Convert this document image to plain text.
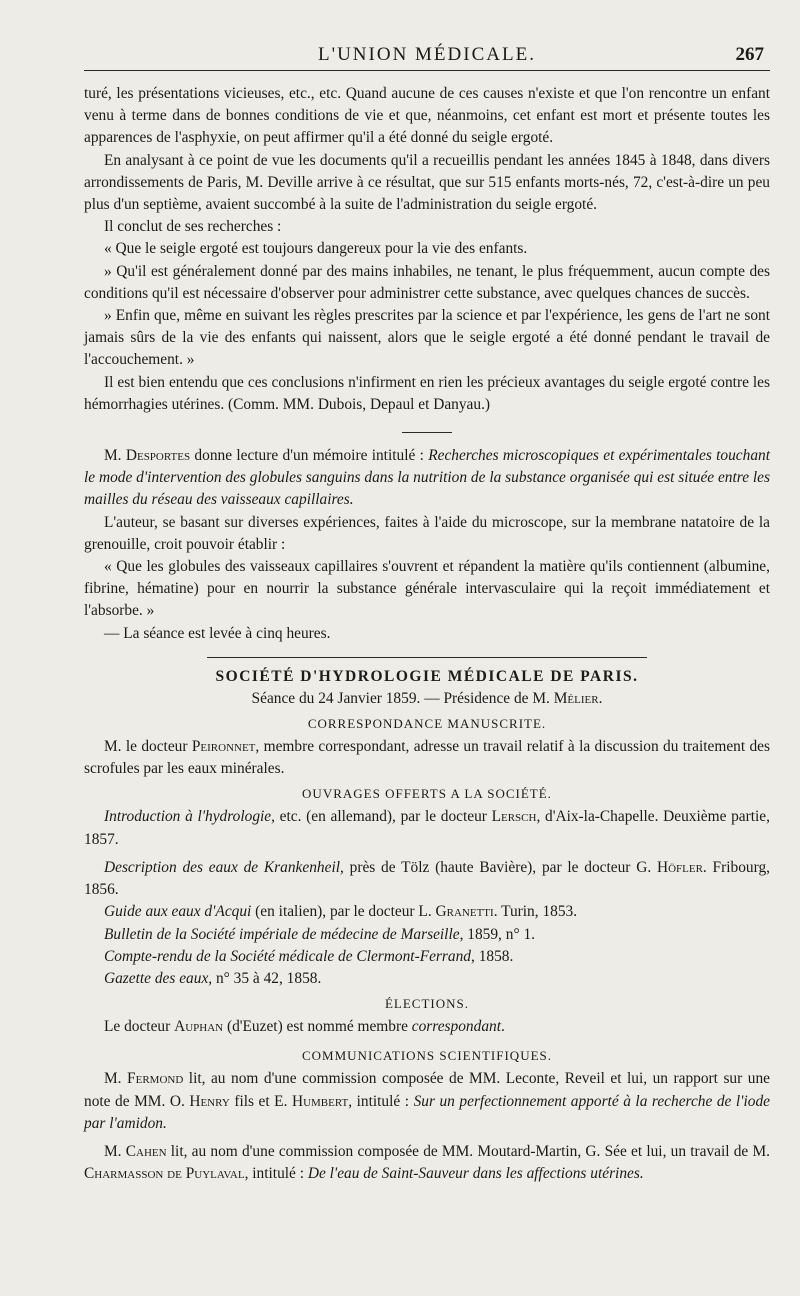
L'UNION MÉDICALE.	267

turé, les présentations vicieuses, etc., etc. Quand aucune de ces causes n'existe et que l'on rencontre un enfant venu à terme dans de bonnes conditions de vie et que, néanmoins, cet enfant est mort et présente toutes les apparences de l'asphyxie, on peut affirmer qu'il a été donné du seigle ergoté.

En analysant à ce point de vue les documents qu'il a recueillis pendant les années 1845 à 1848, dans divers arrondissements de Paris, M. Deville arrive à ce résultat, que sur 515 enfants morts-nés, 72, c'est-à-dire un peu plus d'un septième, avaient succombé à la suite de l'administration du seigle ergoté.

Il conclut de ses recherches :

« Que le seigle ergoté est toujours dangereux pour la vie des enfants.

» Qu'il est généralement donné par des mains inhabiles, ne tenant, le plus fréquemment, aucun compte des conditions qu'il est nécessaire d'observer pour administrer cette substance, avec quelques chances de succès.

» Enfin que, même en suivant les règles prescrites par la science et par l'expérience, les gens de l'art ne sont jamais sûrs de la vie des enfants qui naissent, alors que le seigle ergoté a été donné pendant le travail de l'accouchement. »

Il est bien entendu que ces conclusions n'infirment en rien les précieux avantages du seigle ergoté contre les hémorrhagies utérines. (Comm. MM. Dubois, Depaul et Danyau.)

M. Desportes donne lecture d'un mémoire intitulé : Recherches microscopiques et expérimentales touchant le mode d'intervention des globules sanguins dans la nutrition de la substance organisée qui est située entre les mailles du réseau des vaisseaux capillaires.

L'auteur, se basant sur diverses expériences, faites à l'aide du microscope, sur la membrane natatoire de la grenouille, croit pouvoir établir :

« Que les globules des vaisseaux capillaires s'ouvrent et répandent la matière qu'ils contiennent (albumine, fibrine, hématine) pour en nourrir la substance générale intervasculaire qui la reçoit immédiatement et l'absorbe. »

— La séance est levée à cinq heures.

SOCIÉTÉ D'HYDROLOGIE MÉDICALE DE PARIS.

Séance du 24 Janvier 1859. — Présidence de M. Mélier.

CORRESPONDANCE MANUSCRITE.

M. le docteur Peironnet, membre correspondant, adresse un travail relatif à la discussion du traitement des scrofules par les eaux minérales.

OUVRAGES OFFERTS A LA SOCIÉTÉ.

Introduction à l'hydrologie, etc. (en allemand), par le docteur Lersch, d'Aix-la-Chapelle. Deuxième partie, 1857.

Description des eaux de Krankenheil, près de Tölz (haute Bavière), par le docteur G. Höfler. Fribourg, 1856.

Guide aux eaux d'Acqui (en italien), par le docteur L. Granetti. Turin, 1853.

Bulletin de la Société impériale de médecine de Marseille, 1859, n° 1.

Compte-rendu de la Société médicale de Clermont-Ferrand, 1858.

Gazette des eaux, n° 35 à 42, 1858.

ÉLECTIONS.

Le docteur Auphan (d'Euzet) est nommé membre correspondant.

COMMUNICATIONS SCIENTIFIQUES.

M. Fermond lit, au nom d'une commission composée de MM. Leconte, Reveil et lui, un rapport sur une note de MM. O. Henry fils et E. Humbert, intitulé : Sur un perfectionnement apporté à la recherche de l'iode par l'amidon.

M. Cahen lit, au nom d'une commission composée de MM. Moutard-Martin, G. Sée et lui, un travail de M. Charmasson de Puylaval, intitulé : De l'eau de Saint-Sauveur dans les affections utérines.
